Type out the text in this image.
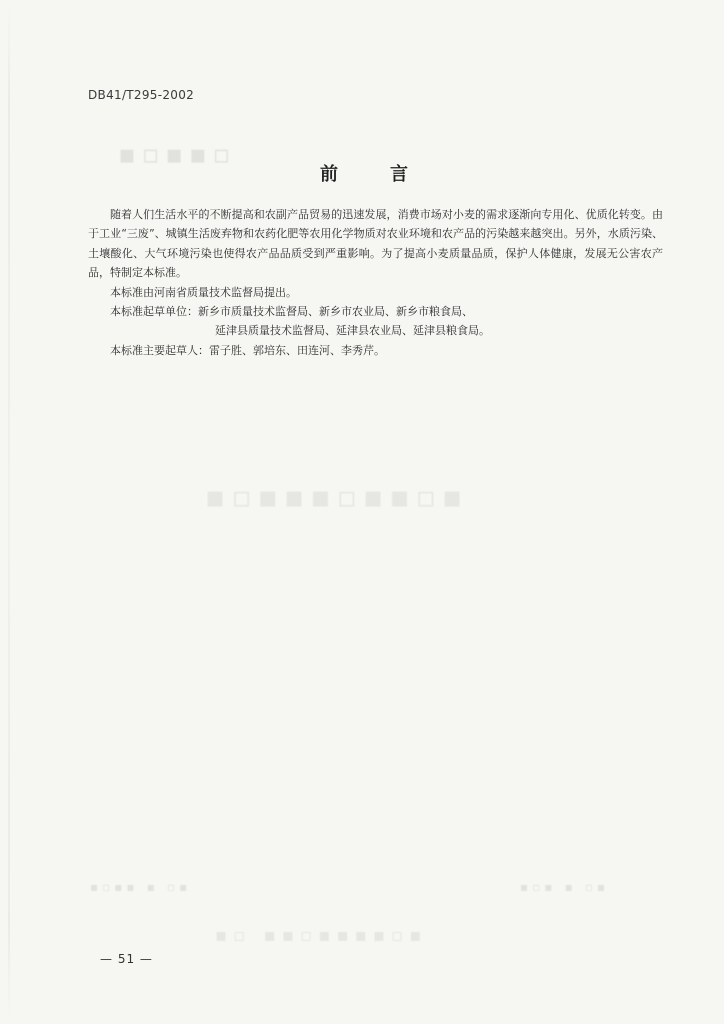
DB41/T295-2002
▪▫▪▪▫
前言

随着人们生活水平的不断提高和农副产品贸易的迅速发展，消费市场对小麦的需求逐渐向专用化、优质化转变。由于工业“三废”、城镇生活废弃物和农药化肥等农用化学物质对农业环境和农产品的污染越来越突出。另外，水质污染、土壤酸化、大气环境污染也使得农产品品质受到严重影响。为了提高小麦质量品质，保护人体健康，发展无公害农产品，特制定本标准。

本标准由河南省质量技术监督局提出。

本标准起草单位：新乡市质量技术监督局、新乡市农业局、新乡市粮食局、

延津县质量技术监督局、延津县农业局、延津县粮食局。

本标准主要起草人：雷子胜、郭培东、田连河、李秀芹。

▪▫▪▪▪▫▪▪▫▪
▪▫▪▪ ▪ ▫▪	▪▫▪ ▪ ▫▪
▪▫ ▪▪▫▪▪▪▪▫▪
— 51 —
